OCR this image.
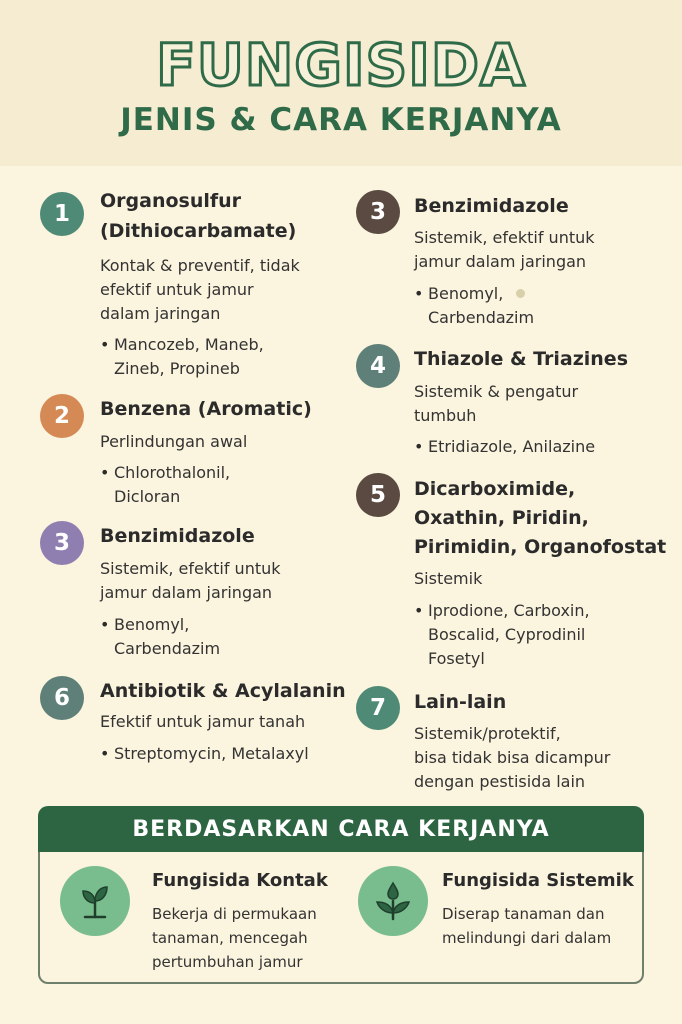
FUNGISIDA
JENIS & CARA KERJANYA
1	Organosulfur
(Dithiocarbamate)
Kontak & preventif, tidak
efektif untuk jamur
dalam jaringan
• Mancozeb, Maneb,
Zineb, Propineb
2	Benzena (Aromatic)
Perlindungan awal
• Chlorothalonil,
Dicloran
3	Benzimidazole
Sistemik, efektif untuk
jamur dalam jaringan
• Benomyl,
Carbendazim
6	Antibiotik & Acylalanin
Efektif untuk jamur tanah
• Streptomycin, Metalaxyl
3	Benzimidazole
Sistemik, efektif untuk
jamur dalam jaringan
• Benomyl,
Carbendazim
4	Thiazole & Triazines
Sistemik & pengatur
tumbuh
• Etridiazole, Anilazine
5	Dicarboximide,
Oxathin, Piridin,
Pirimidin, Organofostat
Sistemik
• Iprodione, Carboxin,
Boscalid, Cyprodinil
Fosetyl
7	Lain-lain
Sistemik/protektif,
bisa tidak bisa dicampur
dengan pestisida lain
BERDASARKAN CARA KERJANYA
Fungisida Kontak
Bekerja di permukaan
tanaman, mencegah
pertumbuhan jamur
Fungisida Sistemik
Diserap tanaman dan
melindungi dari dalam
